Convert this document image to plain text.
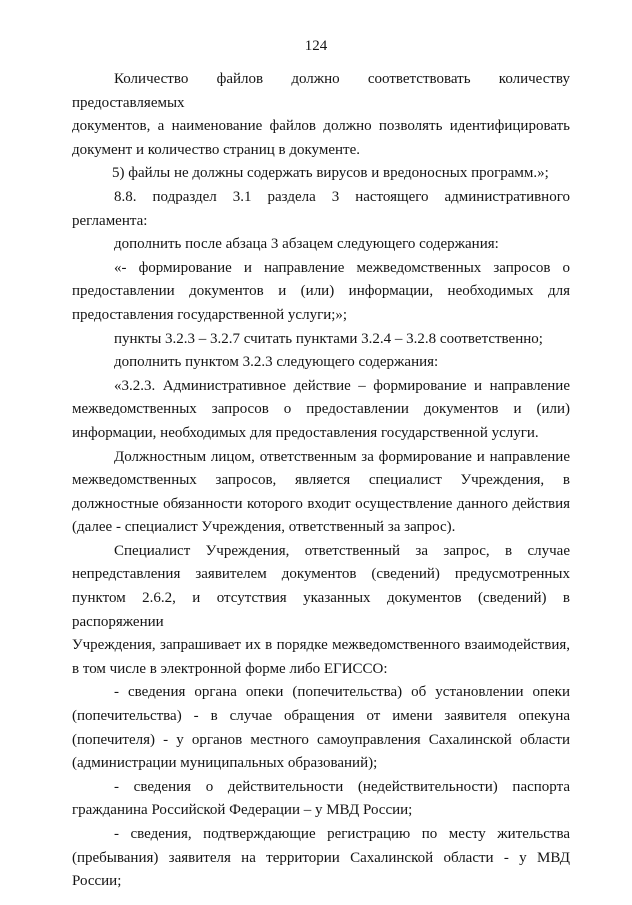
124

Количество файлов должно соответствовать количеству предоставляемых

документов, а наименование файлов должно позволять идентифицировать

документ и количество страниц в документе.

5) файлы не должны содержать вирусов и вредоносных программ.»;

8.8. подраздел 3.1 раздела 3 настоящего административного регламента:

дополнить после абзаца 3 абзацем следующего содержания:

«- формирование и направление межведомственных запросов о

предоставлении документов и (или) информации, необходимых для

предоставления государственной услуги;»;

пункты 3.2.3 – 3.2.7 считать пунктами 3.2.4 – 3.2.8 соответственно;

дополнить пунктом 3.2.3 следующего содержания:

«3.2.3. Административное действие – формирование и направление

межведомственных запросов о предоставлении документов и (или)

информации, необходимых для предоставления государственной услуги.

Должностным лицом, ответственным за формирование и направление

межведомственных запросов, является специалист Учреждения, в

должностные обязанности которого входит осуществление данного действия

(далее - специалист Учреждения, ответственный за запрос).

Специалист Учреждения, ответственный за запрос, в случае

непредставления заявителем документов (сведений) предусмотренных

пунктом 2.6.2, и отсутствия указанных документов (сведений) в распоряжении

Учреждения, запрашивает их в порядке межведомственного взаимодействия,

в том числе в электронной форме либо ЕГИССО:

- сведения органа опеки (попечительства) об установлении опеки

(попечительства) - в случае обращения от имени заявителя опекуна

(попечителя) - у органов местного самоуправления Сахалинской области

(администрации муниципальных образований);

- сведения о действительности (недействительности) паспорта

гражданина Российской Федерации – у МВД России;

- сведения, подтверждающие регистрацию по месту жительства

(пребывания) заявителя на территории Сахалинской области - у МВД России;
